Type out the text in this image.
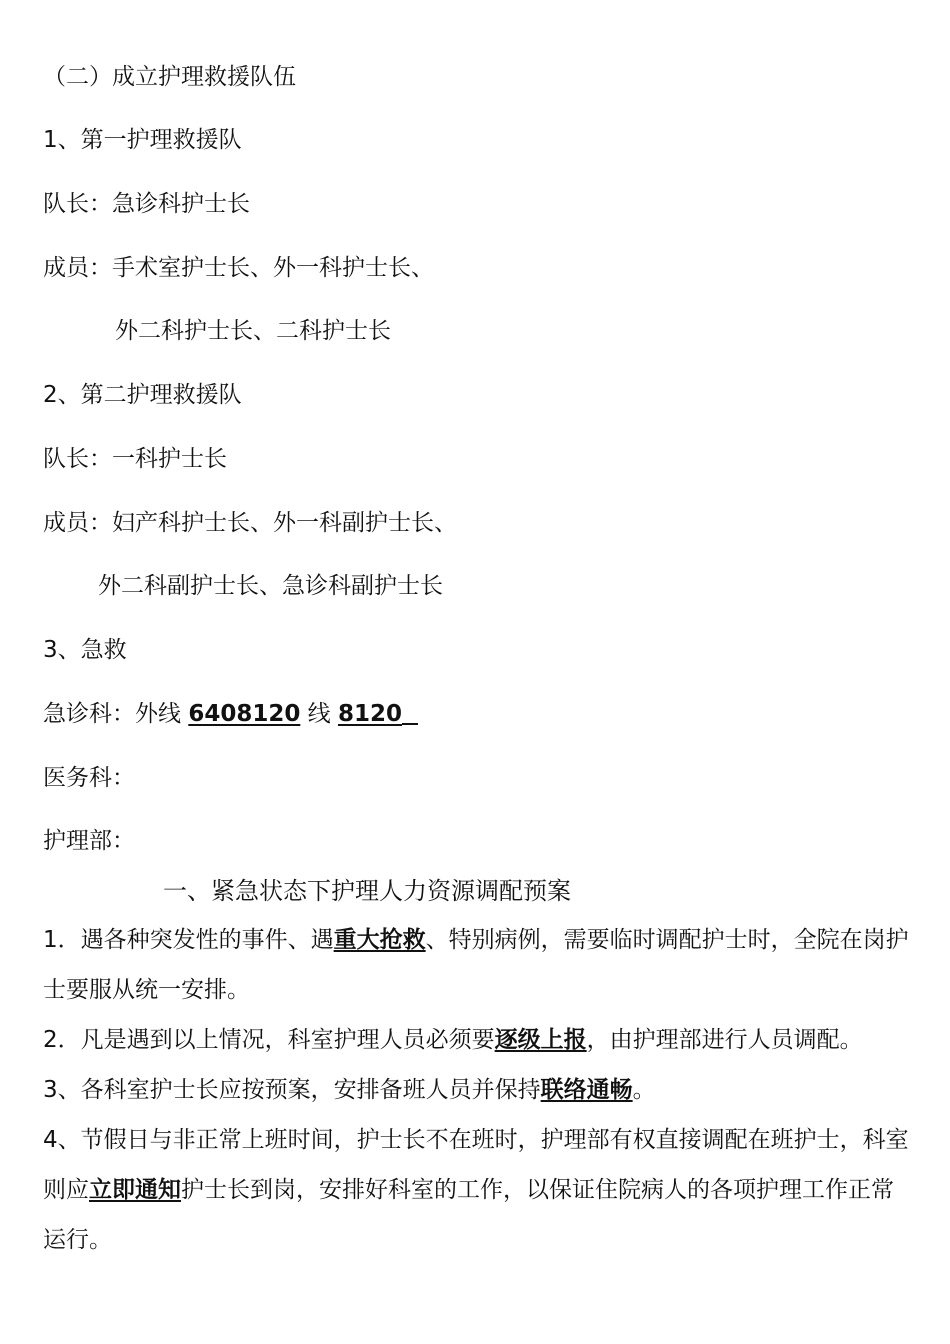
（二）成立护理救援队伍
1、第一护理救援队
队长：急诊科护士长
成员：手术室护士长、外一科护士长、
外二科护士长、二科护士长
2、第二护理救援队
队长：一科护士长
成员：妇产科护士长、外一科副护士长、
外二科副护士长、急诊科副护士长
3、急救
急诊科：外线 6408120 线 8120
医务科：
护理部：
一、紧急状态下护理人力资源调配预案
1．遇各种突发性的事件、遇重大抢救、特别病例，需要临时调配护士时，全院在岗护士要服从统一安排。
2．凡是遇到以上情况，科室护理人员必须要逐级上报，由护理部进行人员调配。
3、各科室护士长应按预案，安排备班人员并保持联络通畅。
4、节假日与非正常上班时间，护士长不在班时，护理部有权直接调配在班护士，科室则应立即通知护士长到岗，安排好科室的工作，以保证住院病人的各项护理工作正常运行。
